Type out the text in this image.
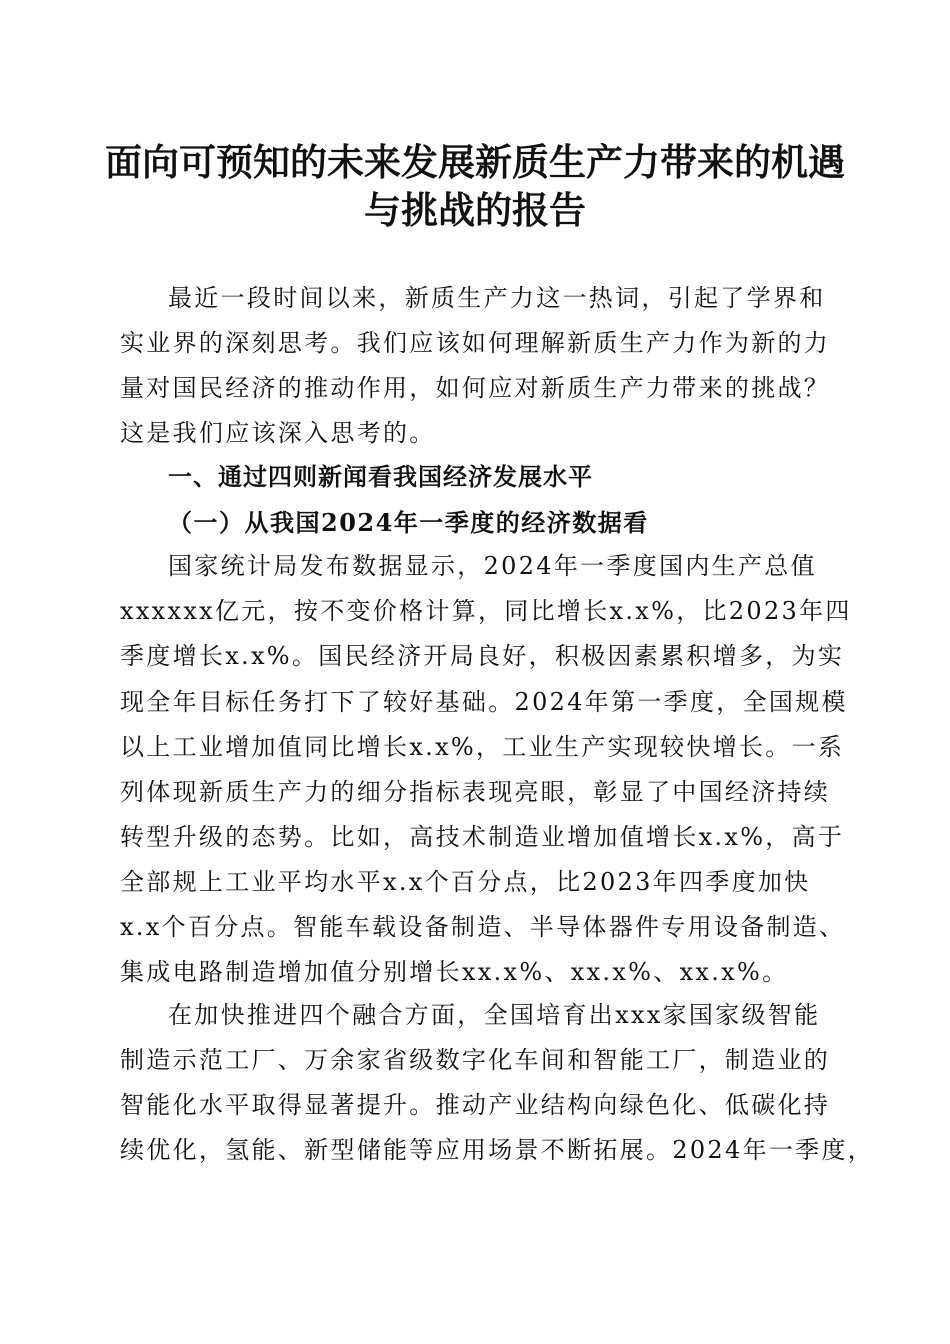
面向可预知的未来发展新质生产力带来的机遇
与挑战的报告
最近一段时间以来，新质生产力这一热词，引起了学界和
实业界的深刻思考。我们应该如何理解新质生产力作为新的力
量对国民经济的推动作用，如何应对新质生产力带来的挑战？
这是我们应该深入思考的。
一、通过四则新闻看我国经济发展水平
（一）从我国2024年一季度的经济数据看
国家统计局发布数据显示，2024年一季度国内生产总值
xxxxxx亿元，按不变价格计算，同比增长x.x%，比2023年四
季度增长x.x%。国民经济开局良好，积极因素累积增多，为实
现全年目标任务打下了较好基础。2024年第一季度，全国规模
以上工业增加值同比增长x.x%，工业生产实现较快增长。一系
列体现新质生产力的细分指标表现亮眼，彰显了中国经济持续
转型升级的态势。比如，高技术制造业增加值增长x.x%，高于
全部规上工业平均水平x.x个百分点，比2023年四季度加快
x.x个百分点。智能车载设备制造、半导体器件专用设备制造、
集成电路制造增加值分别增长xx.x%、xx.x%、xx.x%。
在加快推进四个融合方面，全国培育出xxx家国家级智能
制造示范工厂、万余家省级数字化车间和智能工厂，制造业的
智能化水平取得显著提升。推动产业结构向绿色化、低碳化持
续优化，氢能、新型储能等应用场景不断拓展。2024年一季度，
